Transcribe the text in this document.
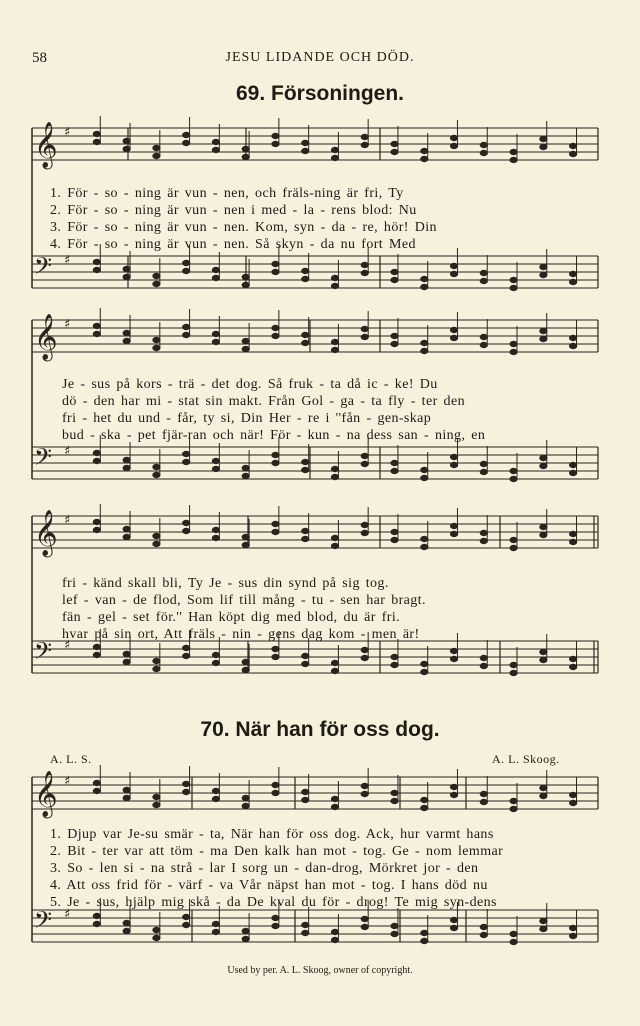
58	JESU LIDANDE OCH DÖD.
69. Försoningen.
1. För - so - ning är vun - nen, och fräls-ning är fri, Ty
2. För - so - ning är vun - nen i med - la - rens blod: Nu
3. För - so - ning är vun - nen. Kom, syn - da - re, hör! Din
4. För - so - ning är vun - nen. Så skyn - da nu fort Med
Je - sus på kors - trä - det dog. Så fruk - ta då ic - ke! Du
dö - den har mi - stat sin makt. Från Gol - ga - ta fly - ter den
fri - het du und - får, ty si, Din Her - re i ''fån - gen-skap
bud - ska - pet fjär-ran och när! För - kun - na dess san - ning, en
fri - känd skall bli, Ty Je - sus din synd på sig tog.
lef - van - de flod, Som lif till mång - tu - sen har bragt.
fän - gel - set för.'' Han köpt dig med blod, du är fri.
hvar på sin ort, Att fräls - nin - gens dag kom - men är!
70. När han för oss dog.
A. L. S.	A. L. Skoog.
1. Djup var Je-su smär - ta, När han för oss dog. Ack, hur varmt hans
2. Bit - ter var att töm - ma Den kalk han mot - tog. Ge - nom lemmar
3. So - len si - na strå - lar I sorg un - dan-drog, Mörkret jor - den
4. Att oss frid för - värf - va Vår näpst han mot - tog. I hans död nu
5. Je - sus, hjälp mig skå - da De kval du för - drog! Te mig syn-dens
Used by per. A. L. Skoog, owner of copyright.
𝄞 ♯
𝄢 ♯
𝄞 ♯
𝄢 ♯
𝄞 ♯
𝄢 ♯
𝄞 ♯
𝄢 ♯
